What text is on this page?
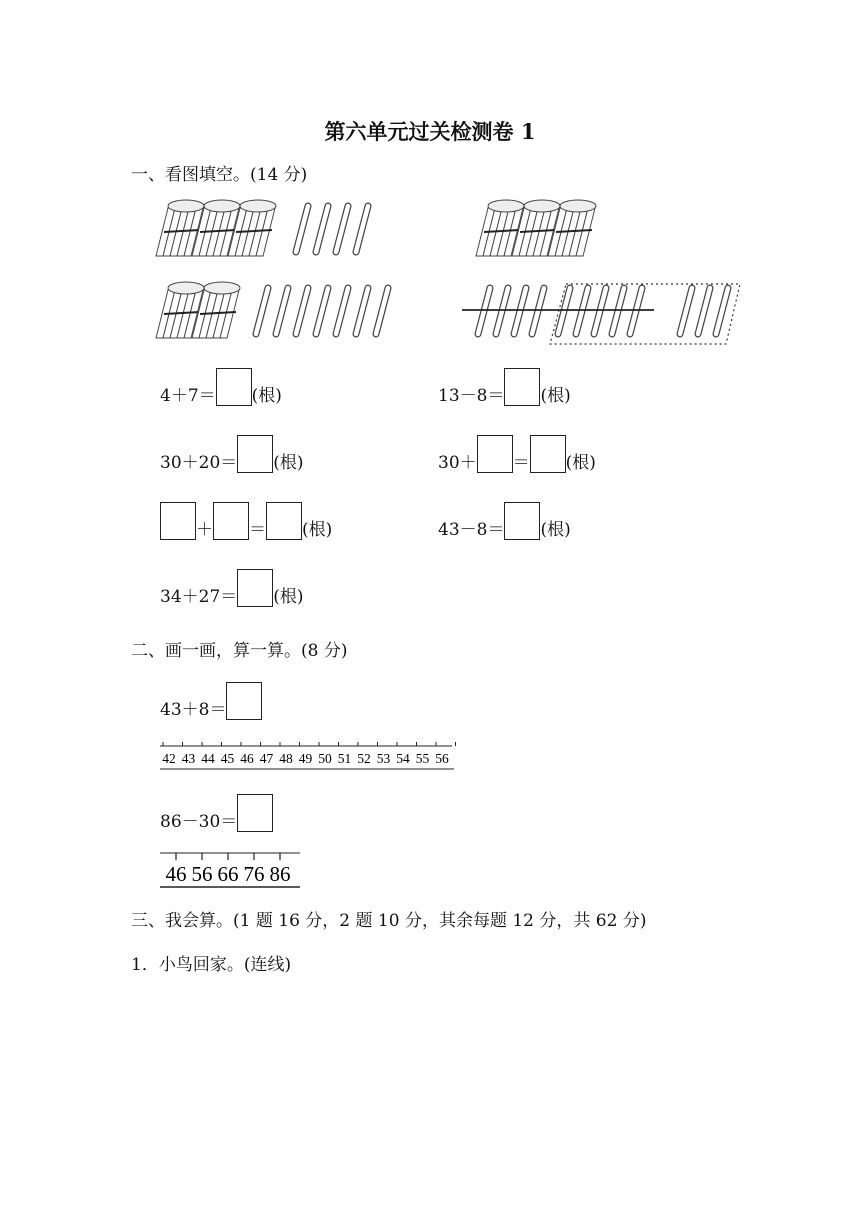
第六单元过关检测卷 1
一、看图填空。(14 分)
4＋7＝ (根)	13－8＝ (根)
30＋20＝ (根)	30＋ ＝ (根)
＋ ＝ (根)	43－8＝ (根)
34＋27＝ (根)
二、画一画，算一算。(8 分)
43＋8＝
42 43 44 45 46 47 48 49 50 51 52 53 54 55 56
86－30＝
46 56 66 76 86
三、我会算。(1 题 16 分，2 题 10 分，其余每题 12 分，共 62 分)
1．小鸟回家。(连线)
